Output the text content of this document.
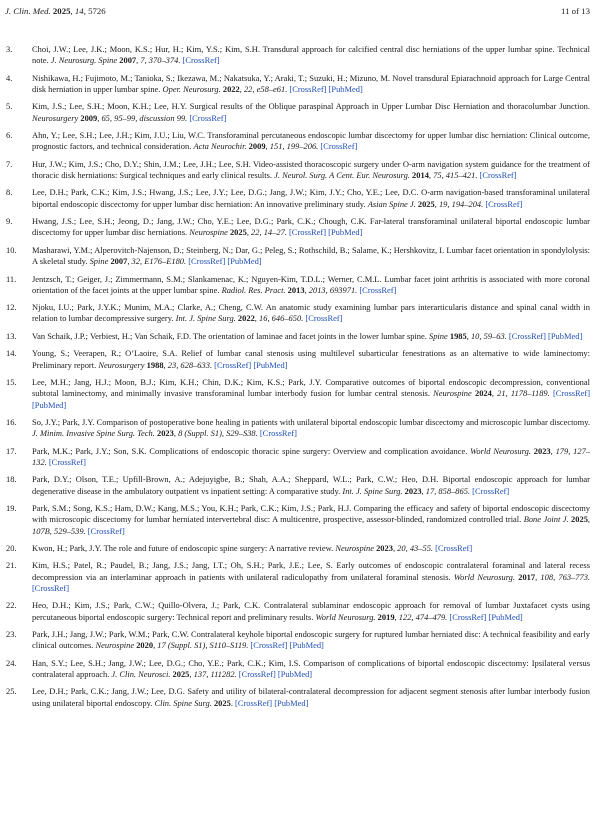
J. Clin. Med. 2025, 14, 5726	11 of 13
3.	Choi, J.W.; Lee, J.K.; Moon, K.S.; Hur, H.; Kim, Y.S.; Kim, S.H. Transdural approach for calcified central disc herniations of the upper lumbar spine. Technical note. J. Neurosurg. Spine 2007, 7, 370–374. [CrossRef]
4.	Nishikawa, H.; Fujimoto, M.; Tanioka, S.; Ikezawa, M.; Nakatsuka, Y.; Araki, T.; Suzuki, H.; Mizuno, M. Novel transdural Epiarachnoid approach for Large Central disk herniation in upper lumbar spine. Oper. Neurosurg. 2022, 22, e58–e61. [CrossRef] [PubMed]
5.	Kim, J.S.; Lee, S.H.; Moon, K.H.; Lee, H.Y. Surgical results of the Oblique paraspinal Approach in Upper Lumbar Disc Herniation and thoracolumbar Junction. Neurosurgery 2009, 65, 95–99, discussion 99. [CrossRef]
6.	Ahn, Y.; Lee, S.H.; Lee, J.H.; Kim, J.U.; Liu, W.C. Transforaminal percutaneous endoscopic lumbar discectomy for upper lumbar disc herniation: Clinical outcome, prognostic factors, and technical consideration. Acta Neurochir. 2009, 151, 199–206. [CrossRef]
7.	Hur, J.W.; Kim, J.S.; Cho, D.Y.; Shin, J.M.; Lee, J.H.; Lee, S.H. Video-assisted thoracoscopic surgery under O-arm navigation system guidance for the treatment of thoracic disk herniations: Surgical techniques and early clinical results. J. Neurol. Surg. A Cent. Eur. Neurosurg. 2014, 75, 415–421. [CrossRef]
8.	Lee, D.H.; Park, C.K.; Kim, J.S.; Hwang, J.S.; Lee, J.Y.; Lee, D.G.; Jang, J.W.; Kim, J.Y.; Cho, Y.E.; Lee, D.C. O-arm navigation-based transforaminal unilateral biportal endoscopic discectomy for upper lumbar disc herniation: An innovative preliminary study. Asian Spine J. 2025, 19, 194–204. [CrossRef]
9.	Hwang, J.S.; Lee, S.H.; Jeong, D.; Jang, J.W.; Cho, Y.E.; Lee, D.G.; Park, C.K.; Chough, C.K. Far-lateral transforaminal unilateral biportal endoscopic lumbar discectomy for upper lumbar disc herniations. Neurospine 2025, 22, 14–27. [CrossRef] [PubMed]
10.	Masharawi, Y.M.; Alperovitch-Najenson, D.; Steinberg, N.; Dar, G.; Peleg, S.; Rothschild, B.; Salame, K.; Hershkovitz, I. Lumbar facet orientation in spondylolysis: A skeletal study. Spine 2007, 32, E176–E180. [CrossRef] [PubMed]
11.	Jentzsch, T.; Geiger, J.; Zimmermann, S.M.; Slankamenac, K.; Nguyen-Kim, T.D.L.; Werner, C.M.L. Lumbar facet joint arthritis is associated with more coronal orientation of the facet joints at the upper lumbar spine. Radiol. Res. Pract. 2013, 2013, 693971. [CrossRef]
12.	Njoku, I.U.; Park, J.Y.K.; Munim, M.A.; Clarke, A.; Cheng, C.W. An anatomic study examining lumbar pars interarticularis distance and spinal canal width in relation to lumbar decompressive surgery. Int. J. Spine Surg. 2022, 16, 646–650. [CrossRef]
13.	Van Schaik, J.P.; Verbiest, H.; Van Schaik, F.D. The orientation of laminae and facet joints in the lower lumbar spine. Spine 1985, 10, 59–63. [CrossRef] [PubMed]
14.	Young, S.; Veerapen, R.; O’Laoire, S.A. Relief of lumbar canal stenosis using multilevel subarticular fenestrations as an alternative to wide laminectomy: Preliminary report. Neurosurgery 1988, 23, 628–633. [CrossRef] [PubMed]
15.	Lee, M.H.; Jang, H.J.; Moon, B.J.; Kim, K.H.; Chin, D.K.; Kim, K.S.; Park, J.Y. Comparative outcomes of biportal endoscopic decompression, conventional subtotal laminectomy, and minimally invasive transforaminal lumbar interbody fusion for lumbar central stenosis. Neurospine 2024, 21, 1178–1189. [CrossRef] [PubMed]
16.	So, J.Y.; Park, J.Y. Comparison of postoperative bone healing in patients with unilateral biportal endoscopic lumbar discectomy and microscopic lumbar discectomy. J. Minim. Invasive Spine Surg. Tech. 2023, 8 (Suppl. S1), S29–S38. [CrossRef]
17.	Park, M.K.; Park, J.Y.; Son, S.K. Complications of endoscopic thoracic spine surgery: Overview and complication avoidance. World Neurosurg. 2023, 179, 127–132. [CrossRef]
18.	Park, D.Y.; Olson, T.E.; Upfill-Brown, A.; Adejuyigbe, B.; Shah, A.A.; Sheppard, W.L.; Park, C.W.; Heo, D.H. Biportal endoscopic approach for lumbar degenerative disease in the ambulatory outpatient vs inpatient setting: A comparative study. Int. J. Spine Surg. 2023, 17, 858–865. [CrossRef]
19.	Park, S.M.; Song, K.S.; Ham, D.W.; Kang, M.S.; You, K.H.; Park, C.K.; Kim, J.S.; Park, H.J. Comparing the efficacy and safety of biportal endoscopic discectomy with microscopic discectomy for lumbar herniated intervertebral disc: A multicentre, prospective, assessor-blinded, randomized controlled trial. Bone Joint J. 2025, 107B, 529–539. [CrossRef]
20.	Kwon, H.; Park, J.Y. The role and future of endoscopic spine surgery: A narrative review. Neurospine 2023, 20, 43–55. [CrossRef]
21.	Kim, H.S.; Patel, R.; Paudel, B.; Jang, J.S.; Jang, I.T.; Oh, S.H.; Park, J.E.; Lee, S. Early outcomes of endoscopic contralateral foraminal and lateral recess decompression via an interlaminar approach in patients with unilateral radiculopathy from unilateral foraminal stenosis. World Neurosurg. 2017, 108, 763–773. [CrossRef]
22.	Heo, D.H.; Kim, J.S.; Park, C.W.; Quillo-Olvera, J.; Park, C.K. Contralateral sublaminar endoscopic approach for removal of lumbar Juxtafacet cysts using percutaneous biportal endoscopic surgery: Technical report and preliminary results. World Neurosurg. 2019, 122, 474–479. [CrossRef] [PubMed]
23.	Park, J.H.; Jang, J.W.; Park, W.M.; Park, C.W. Contralateral keyhole biportal endoscopic surgery for ruptured lumbar herniated disc: A technical feasibility and early clinical outcomes. Neurospine 2020, 17 (Suppl. S1), S110–S119. [CrossRef] [PubMed]
24.	Han, S.Y.; Lee, S.H.; Jang, J.W.; Lee, D.G.; Cho, Y.E.; Park, C.K.; Kim, I.S. Comparison of complications of biportal endoscopic discectomy: Ipsilateral versus contralateral approach. J. Clin. Neurosci. 2025, 137, 111282. [CrossRef] [PubMed]
25.	Lee, D.H.; Park, C.K.; Jang, J.W.; Lee, D.G. Safety and utility of bilateral-contralateral decompression for adjacent segment stenosis after lumbar interbody fusion using unilateral biportal endoscopy. Clin. Spine Surg. 2025. [CrossRef] [PubMed]
